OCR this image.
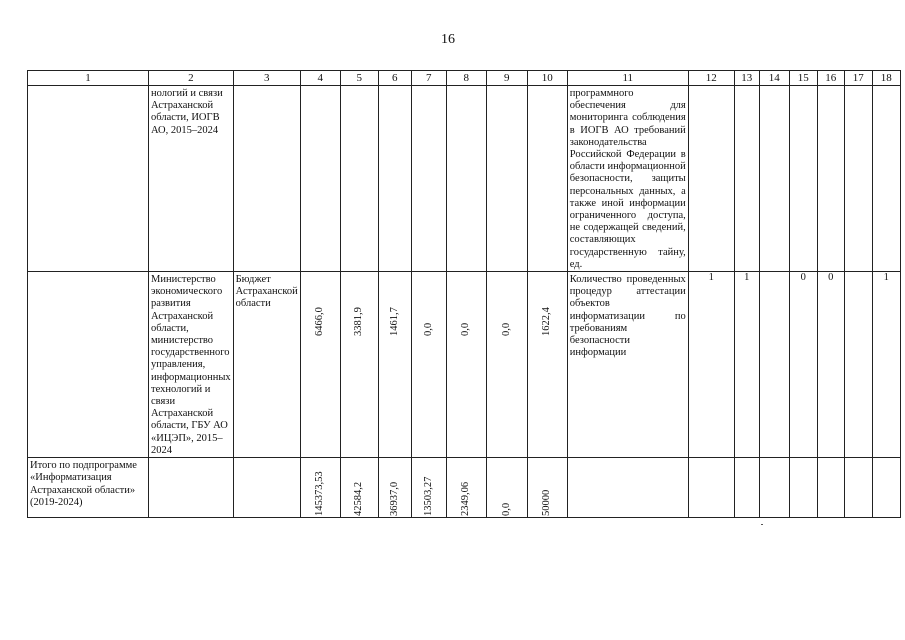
16
1	2	3	4	5	6	7	8	9	10	11	12	13	14	15	16	17	18

	нологий и связи Астраханской области, ИОГВ АО, 2015–2024									программного обеспечения для мониторинга соблюдения в ИОГВ АО требований законодательства Российской Федерации в области информационной безопасности, защиты персональных данных, а также иной информации ограниченного доступа, не содержащей сведений, составляющих государственную тайну, ед.							

	Министерство экономического развития Астраханской области, министерство государственного управления, информационных технологий и связи Астраханской области, ГБУ АО «ИЦЭП», 2015–2024	Бюджет Астраханской области	6466,0	3381,9	1461,7	0,0	0,0	0,0	1622,4	Количество проведенных процедур аттестации объектов информатизации по требованиям безопасности информации	1	1		0	0		1

Итого по подпрограмме «Информатизация Астраханской области» (2019-2024)			145373,53	42584,2	36937,0	13503,27	2349,06	0,0	50000								
